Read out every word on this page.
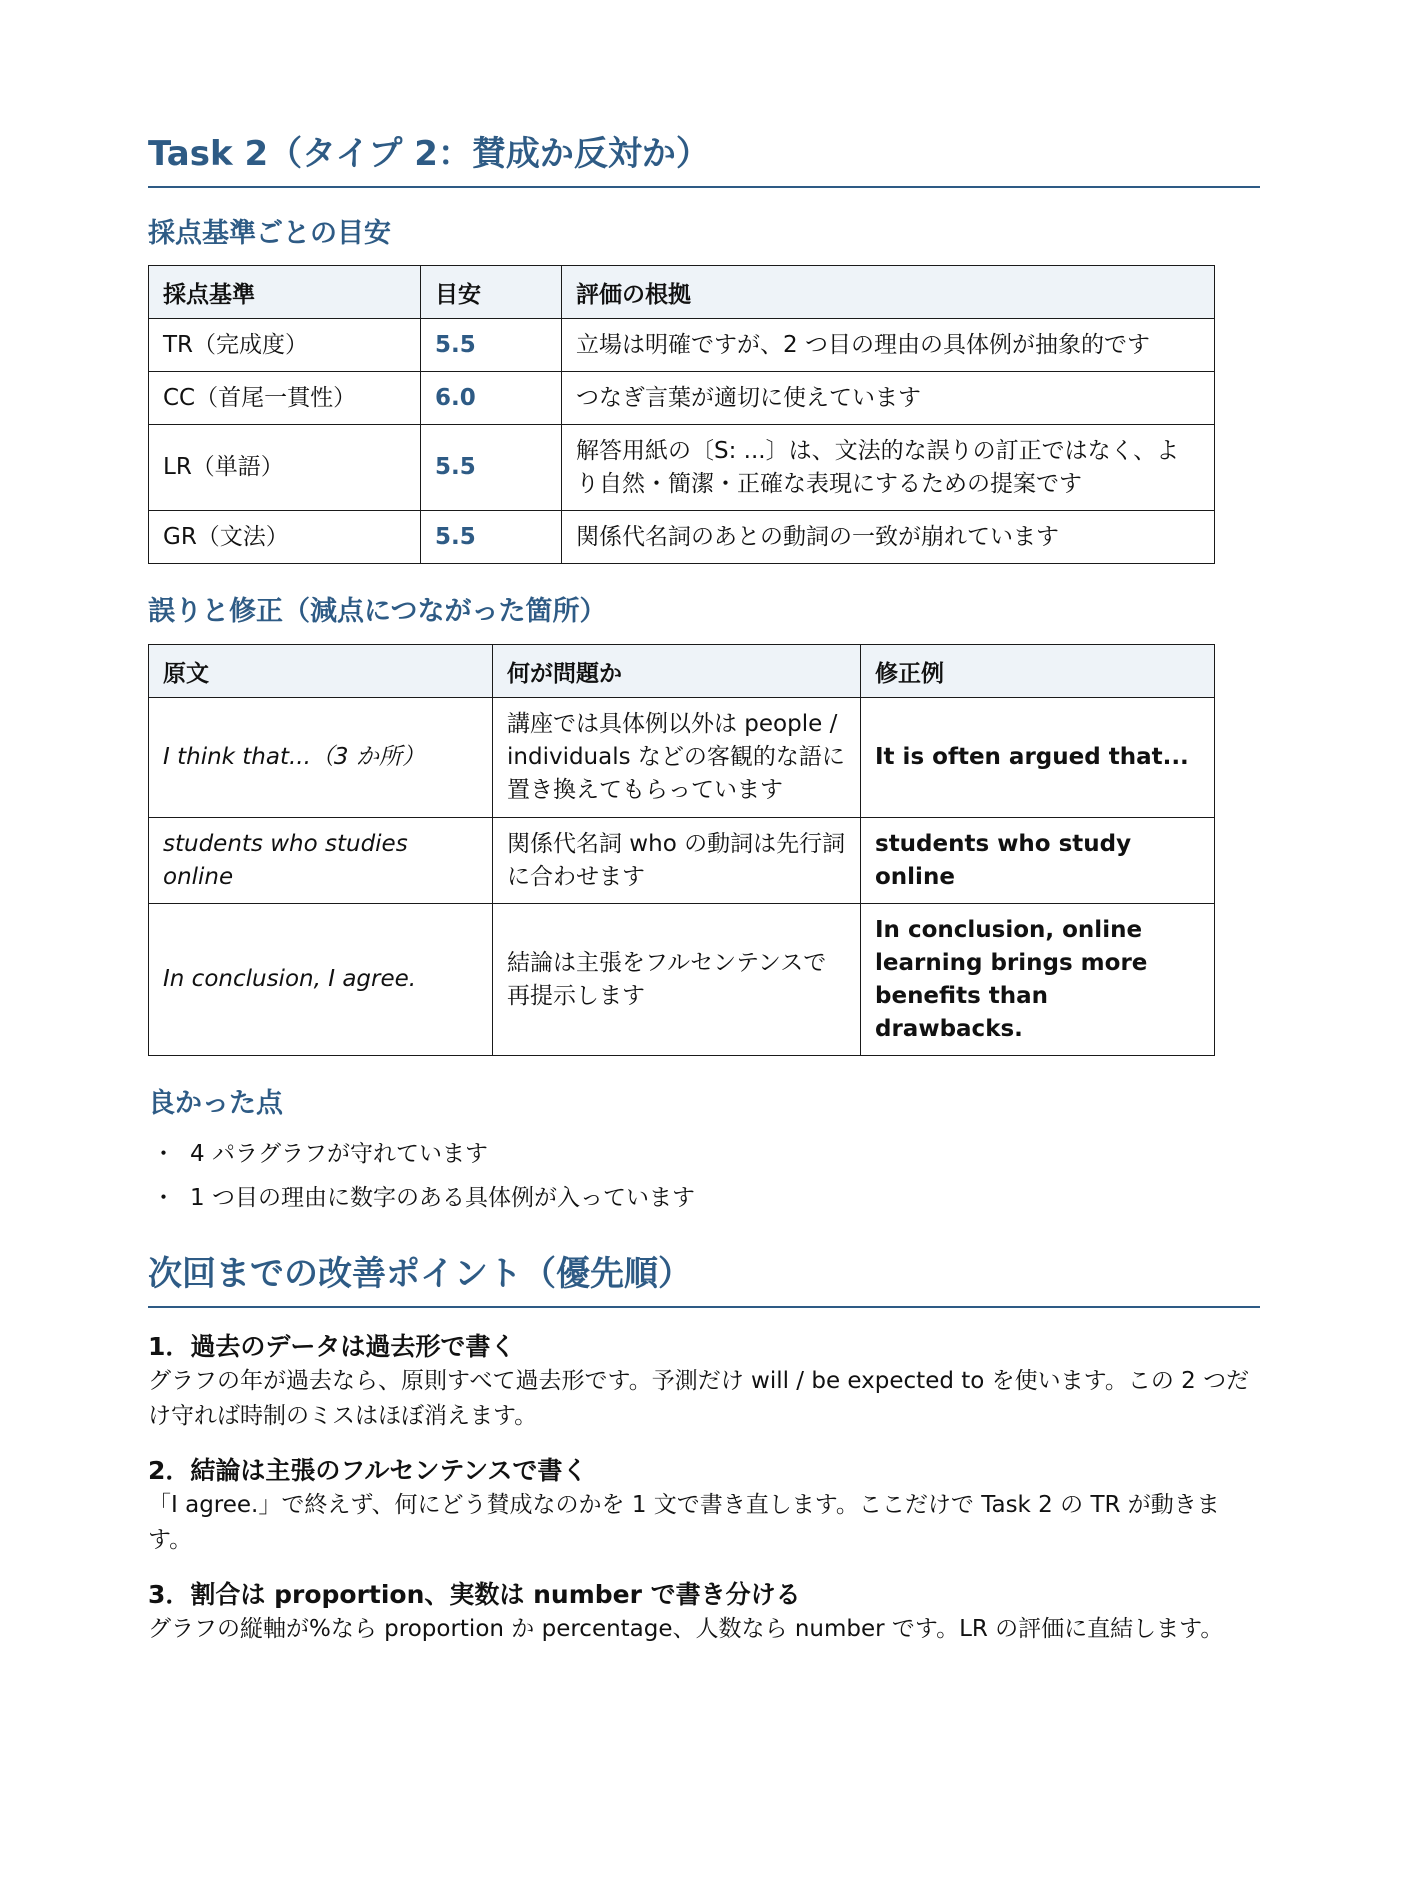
Task 2（タイプ 2：賛成か反対か）
採点基準ごとの目安
採点基準	目安	評価の根拠
TR（完成度）	5.5	立場は明確ですが、2 つ目の理由の具体例が抽象的です
CC（首尾一貫性）	6.0	つなぎ言葉が適切に使えています
LR（単語）	5.5	解答用紙の〔S: ...〕は、文法的な誤りの訂正ではなく、より自然・簡潔・正確な表現にするための提案です
GR（文法）	5.5	関係代名詞のあとの動詞の一致が崩れています
誤りと修正（減点につながった箇所）
原文	何が問題か	修正例
I think that...（3 か所）	講座では具体例以外は people / individuals などの客観的な語に置き換えてもらっています	It is often argued that...
students who studies online	関係代名詞 who の動詞は先行詞に合わせます	students who study online
In conclusion, I agree.	結論は主張をフルセンテンスで再提示します	In conclusion, online learning brings more benefits than drawbacks.
良かった点
・ 4 パラグラフが守れています
・ 1 つ目の理由に数字のある具体例が入っています
次回までの改善ポイント（優先順）

1．過去のデータは過去形で書く

グラフの年が過去なら、原則すべて過去形です。予測だけ will / be expected to を使います。この 2 つだけ守れば時制のミスはほぼ消えます。

2．結論は主張のフルセンテンスで書く

「I agree.」で終えず、何にどう賛成なのかを 1 文で書き直します。ここだけで Task 2 の TR が動きます。

3．割合は proportion、実数は number で書き分ける

グラフの縦軸が%なら proportion か percentage、人数なら number です。LR の評価に直結します。
